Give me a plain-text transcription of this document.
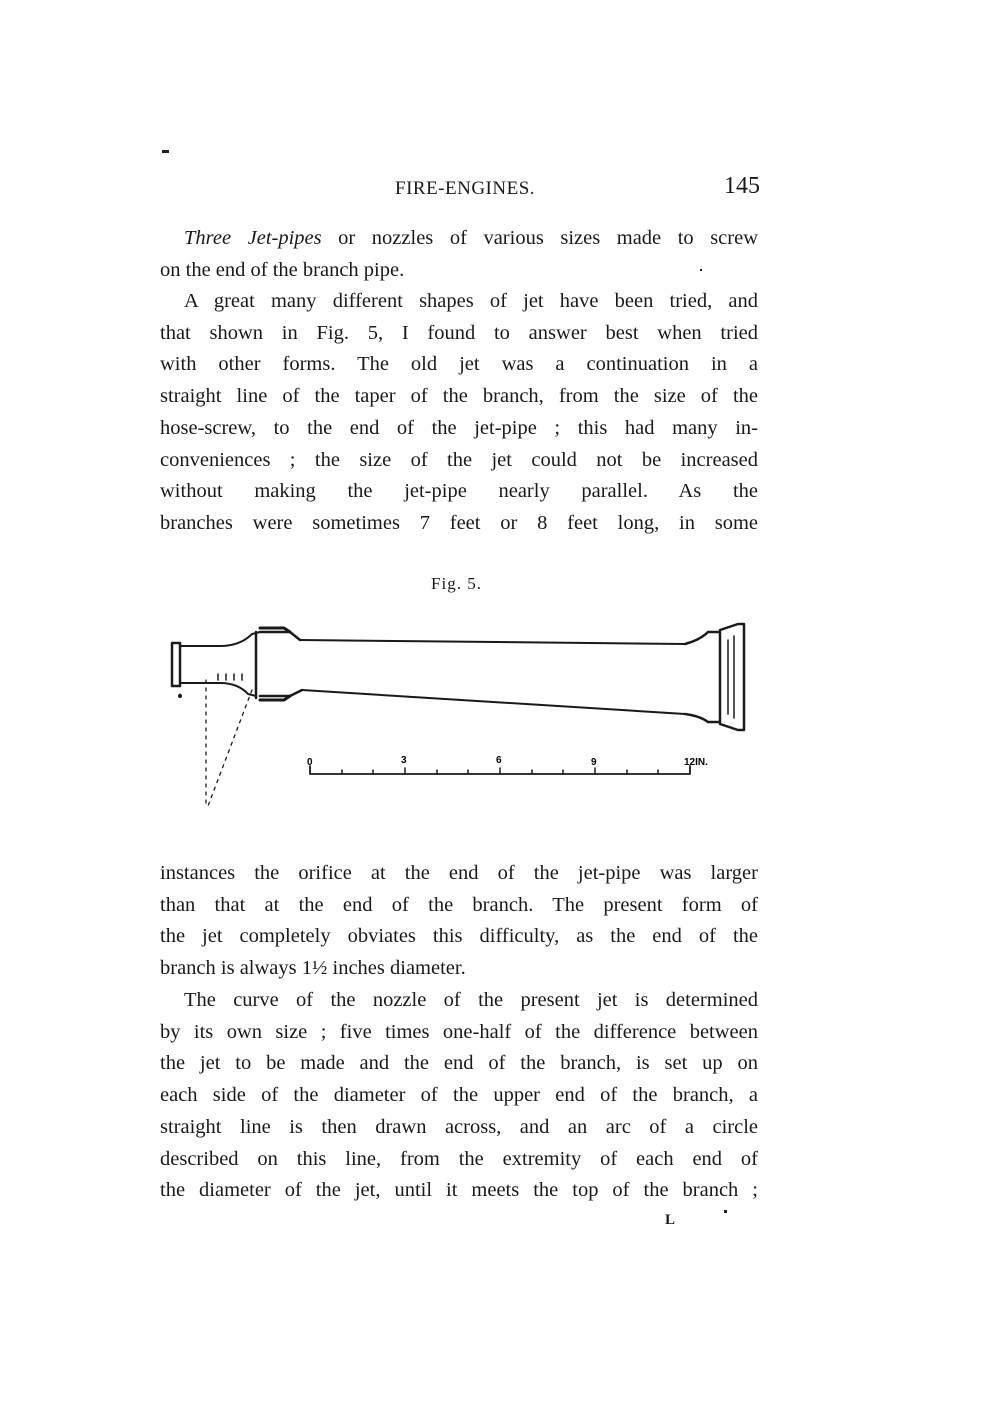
FIRE-ENGINES.	145
Three Jet-pipes or nozzles of various sizes made to screw
on the end of the branch pipe.
A great many different shapes of jet have been tried, and
that shown in Fig. 5, I found to answer best when tried
with other forms. The old jet was a continuation in a
straight line of the taper of the branch, from the size of the
hose-screw, to the end of the jet-pipe ; this had many in-
conveniences ; the size of the jet could not be increased
without making the jet-pipe nearly parallel. As the
branches were sometimes 7 feet or 8 feet long, in some
Fig. 5.
0	3	6	9	12IN.
instances the orifice at the end of the jet-pipe was larger
than that at the end of the branch. The present form of
the jet completely obviates this difficulty, as the end of the
branch is always 1½ inches diameter.
The curve of the nozzle of the present jet is determined
by its own size ; five times one-half of the difference between
the jet to be made and the end of the branch, is set up on
each side of the diameter of the upper end of the branch, a
straight line is then drawn across, and an arc of a circle
described on this line, from the extremity of each end of
the diameter of the jet, until it meets the top of the branch ;
L
